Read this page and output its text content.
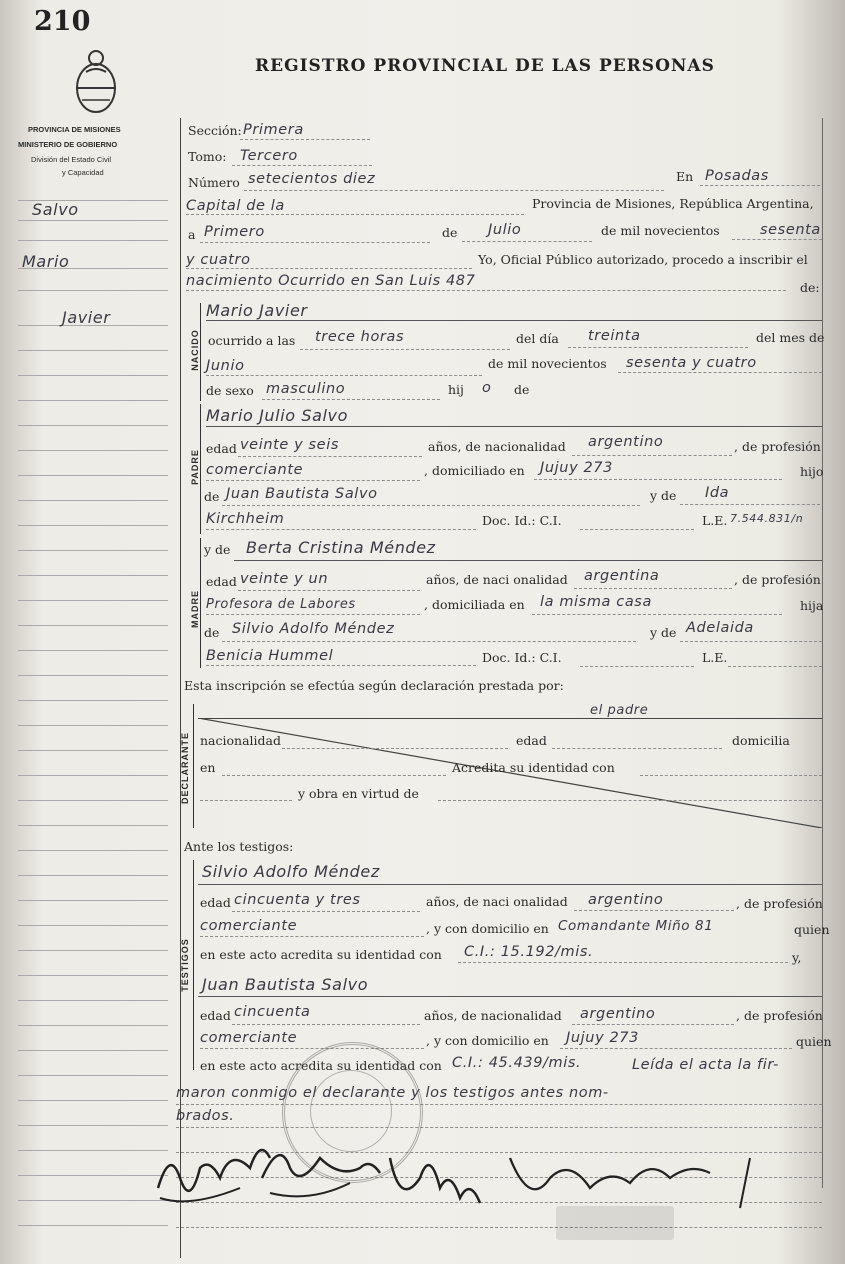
210
REGISTRO PROVINCIAL DE LAS PERSONAS
PROVINCIA DE MISIONES
MINISTERIO DE GOBIERNO
División del Estado Civil
y Capacidad
Salvo
Mario
Javier
Sección: Primera
Tomo: Tercero
Número setecientos diez	En Posadas
Capital de la	Provincia de Misiones, República Argentina,
a Primero	de Julio	de mil novecientos	sesenta
y cuatro	Yo, Oficial Público autorizado, procedo a inscribir el
nacimiento Ocurrido en San Luis 487	de:
NACIDO
Mario Javier
ocurrido a las trece horas	del día treinta	del mes de
Junio	de mil novecientos sesenta y cuatro
de sexo masculino	hij o de
PADRE
Mario Julio Salvo
edad veinte y seis	años, de nacionalidad argentino	, de profesión
comerciante	, domiciliado en Jujuy 273	hijo
de Juan Bautista Salvo	y de Ida
Kirchheim	Doc. Id.: C.I.	L.E. 7.544.831/n
MADRE
y de Berta Cristina Méndez
edad veinte y un	años, de naci onalidad argentina	, de profesión
Profesora de Labores	, domiciliada en la misma casa	hija
de Silvio Adolfo Méndez	y de Adelaida
Benicia Hummel	Doc. Id.: C.I.	L.E.
Esta inscripción se efectúa según declaración prestada por:
DECLARANTE
el padre
nacionalidad	edad	domicilia
en	Acredita su identidad con
y obra en virtud de
Ante los testigos:
TESTIGOS
Silvio Adolfo Méndez
edad cincuenta y tres	años, de naci onalidad argentino	, de profesión
comerciante	, y con domicilio en Comandante Miño 81	quien
en este acto acredita su identidad con C.I.: 15.192/mis.	y,
Juan Bautista Salvo
edad cincuenta	años, de nacionalidad argentino	, de profesión
comerciante	, y con domicilio en Jujuy 273	quien
en este acto acredita su identidad con C.I.: 45.439/mis.	Leída el acta la fir-
maron conmigo el declarante y los testigos antes nom-
brados.
